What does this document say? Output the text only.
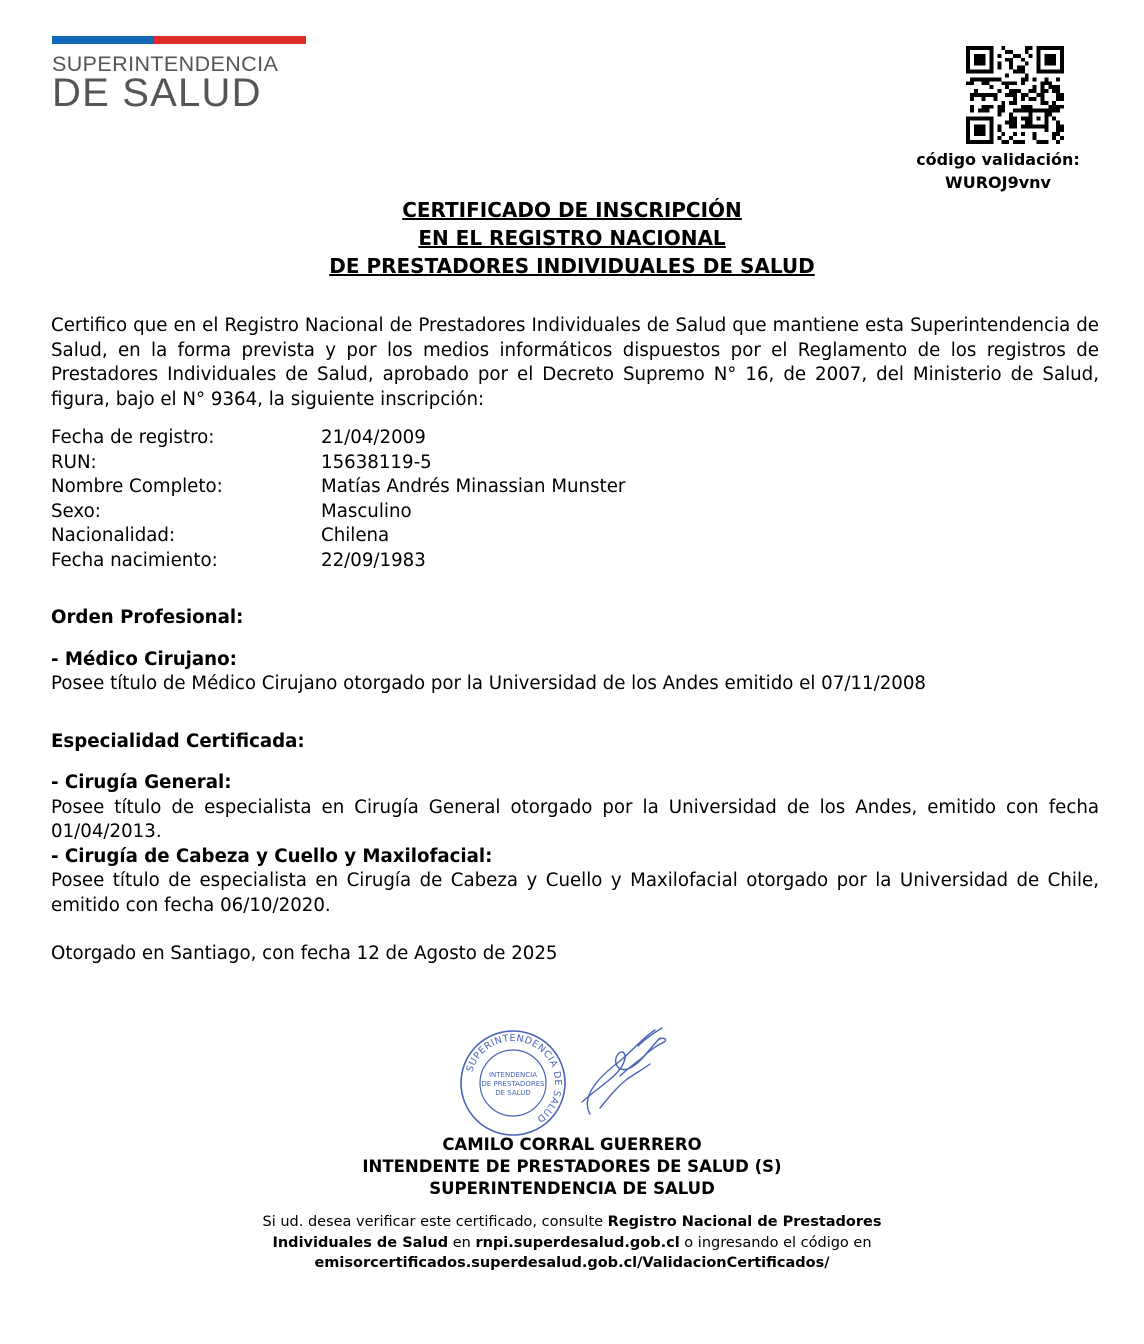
SUPERINTENDENCIA
DE SALUD
código validación:
WUROJ9vnv
CERTIFICADO DE INSCRIPCIÓN
EN EL REGISTRO NACIONAL
DE PRESTADORES INDIVIDUALES DE SALUD

Certifico que en el Registro Nacional de Prestadores Individuales de Salud que mantiene esta Superintendencia de Salud, en la forma prevista y por los medios informáticos dispuestos por el Reglamento de los registros de Prestadores Individuales de Salud, aprobado por el Decreto Supremo N° 16, de 2007, del Ministerio de Salud, figura, bajo el N° 9364, la siguiente inscripción:

Fecha de registro:	21/04/2009
RUN:	15638119-5
Nombre Completo:	Matías Andrés Minassian Munster
Sexo:	Masculino
Nacionalidad:	Chilena
Fecha nacimiento:	22/09/1983
Orden Profesional:
- Médico Cirujano:
Posee título de Médico Cirujano otorgado por la Universidad de los Andes emitido el 07/11/2008
Especialidad Certificada:
- Cirugía General:
Posee título de especialista en Cirugía General otorgado por la Universidad de los Andes, emitido con fecha 01/04/2013.
- Cirugía de Cabeza y Cuello y Maxilofacial:
Posee título de especialista en Cirugía de Cabeza y Cuello y Maxilofacial otorgado por la Universidad de Chile, emitido con fecha 06/10/2020.
Otorgado en Santiago, con fecha 12 de Agosto de 2025
SUPERINTENDENCIA DE SALUD
INTENDENCIA
DE PRESTADORES
DE SALUD
CAMILO CORRAL GUERRERO
INTENDENTE DE PRESTADORES DE SALUD (S)
SUPERINTENDENCIA DE SALUD
Si ud. desea verificar este certificado, consulte Registro Nacional de Prestadores
Individuales de Salud en rnpi.superdesalud.gob.cl o ingresando el código en
emisorcertificados.superdesalud.gob.cl/ValidacionCertificados/
